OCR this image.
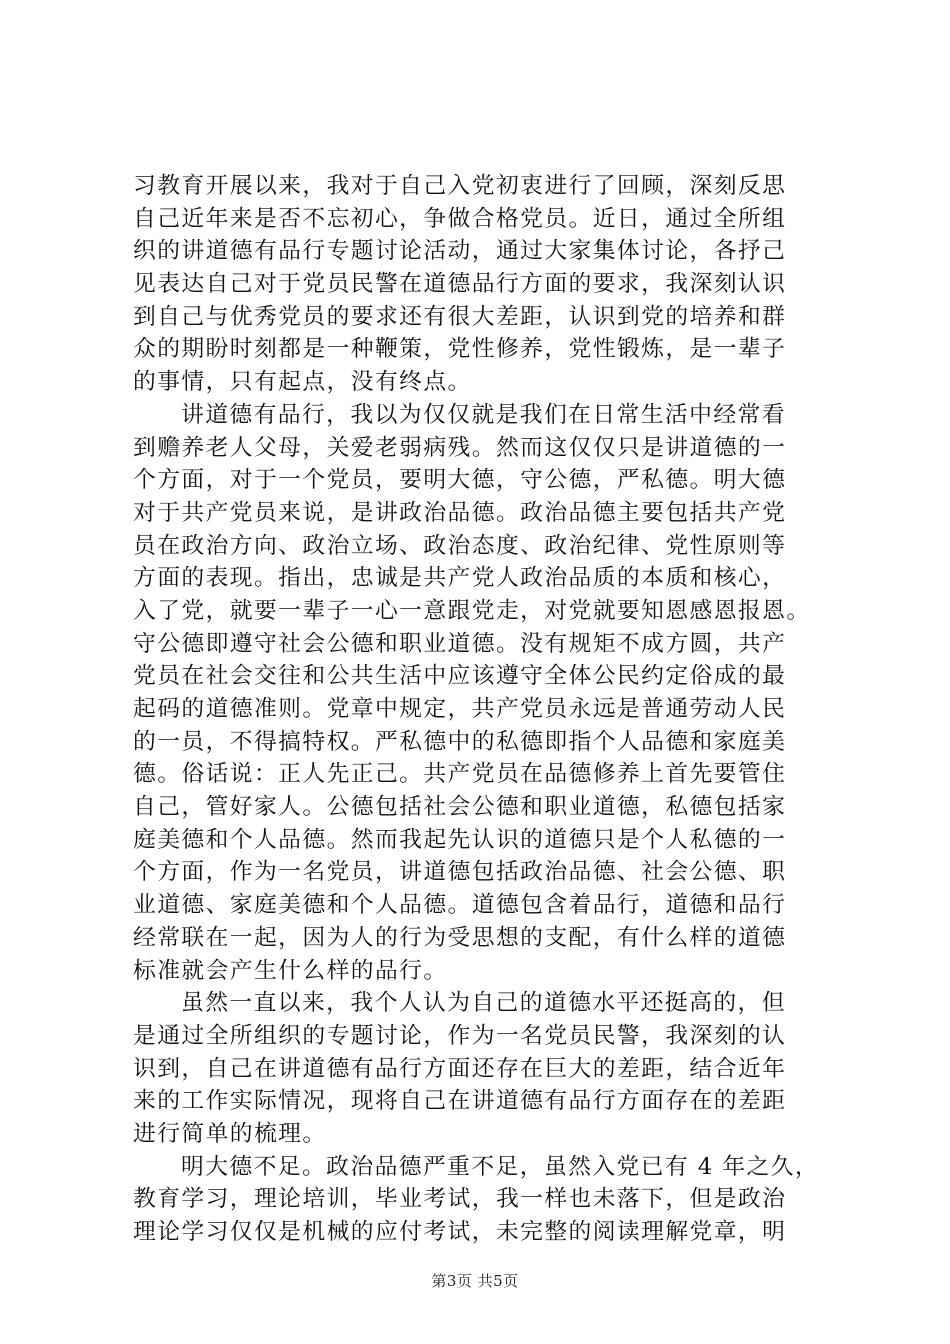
习教育开展以来，我对于自己入党初衷进行了回顾，深刻反思
自己近年来是否不忘初心，争做合格党员。近日，通过全所组
织的讲道德有品行专题讨论活动，通过大家集体讨论，各抒己
见表达自己对于党员民警在道德品行方面的要求，我深刻认识
到自己与优秀党员的要求还有很大差距，认识到党的培养和群
众的期盼时刻都是一种鞭策，党性修养，党性锻炼，是一辈子
的事情，只有起点，没有终点。
讲道德有品行，我以为仅仅就是我们在日常生活中经常看
到赡养老人父母，关爱老弱病残。然而这仅仅只是讲道德的一
个方面，对于一个党员，要明大德，守公德，严私德。明大德
对于共产党员来说，是讲政治品德。政治品德主要包括共产党
员在政治方向、政治立场、政治态度、政治纪律、党性原则等
方面的表现。指出，忠诚是共产党人政治品质的本质和核心，
入了党，就要一辈子一心一意跟党走，对党就要知恩感恩报恩。
守公德即遵守社会公德和职业道德。没有规矩不成方圆，共产
党员在社会交往和公共生活中应该遵守全体公民约定俗成的最
起码的道德准则。党章中规定，共产党员永远是普通劳动人民
的一员，不得搞特权。严私德中的私德即指个人品德和家庭美
德。俗话说：正人先正己。共产党员在品德修养上首先要管住
自己，管好家人。公德包括社会公德和职业道德，私德包括家
庭美德和个人品德。然而我起先认识的道德只是个人私德的一
个方面，作为一名党员，讲道德包括政治品德、社会公德、职
业道德、家庭美德和个人品德。道德包含着品行，道德和品行
经常联在一起，因为人的行为受思想的支配，有什么样的道德
标准就会产生什么样的品行。
虽然一直以来，我个人认为自己的道德水平还挺高的，但
是通过全所组织的专题讨论，作为一名党员民警，我深刻的认
识到，自己在讲道德有品行方面还存在巨大的差距，结合近年
来的工作实际情况，现将自己在讲道德有品行方面存在的差距
进行简单的梳理。
明大德不足。政治品德严重不足，虽然入党已有 4 年之久，
教育学习，理论培训，毕业考试，我一样也未落下，但是政治
理论学习仅仅是机械的应付考试，未完整的阅读理解党章，明
第3页 共5页
